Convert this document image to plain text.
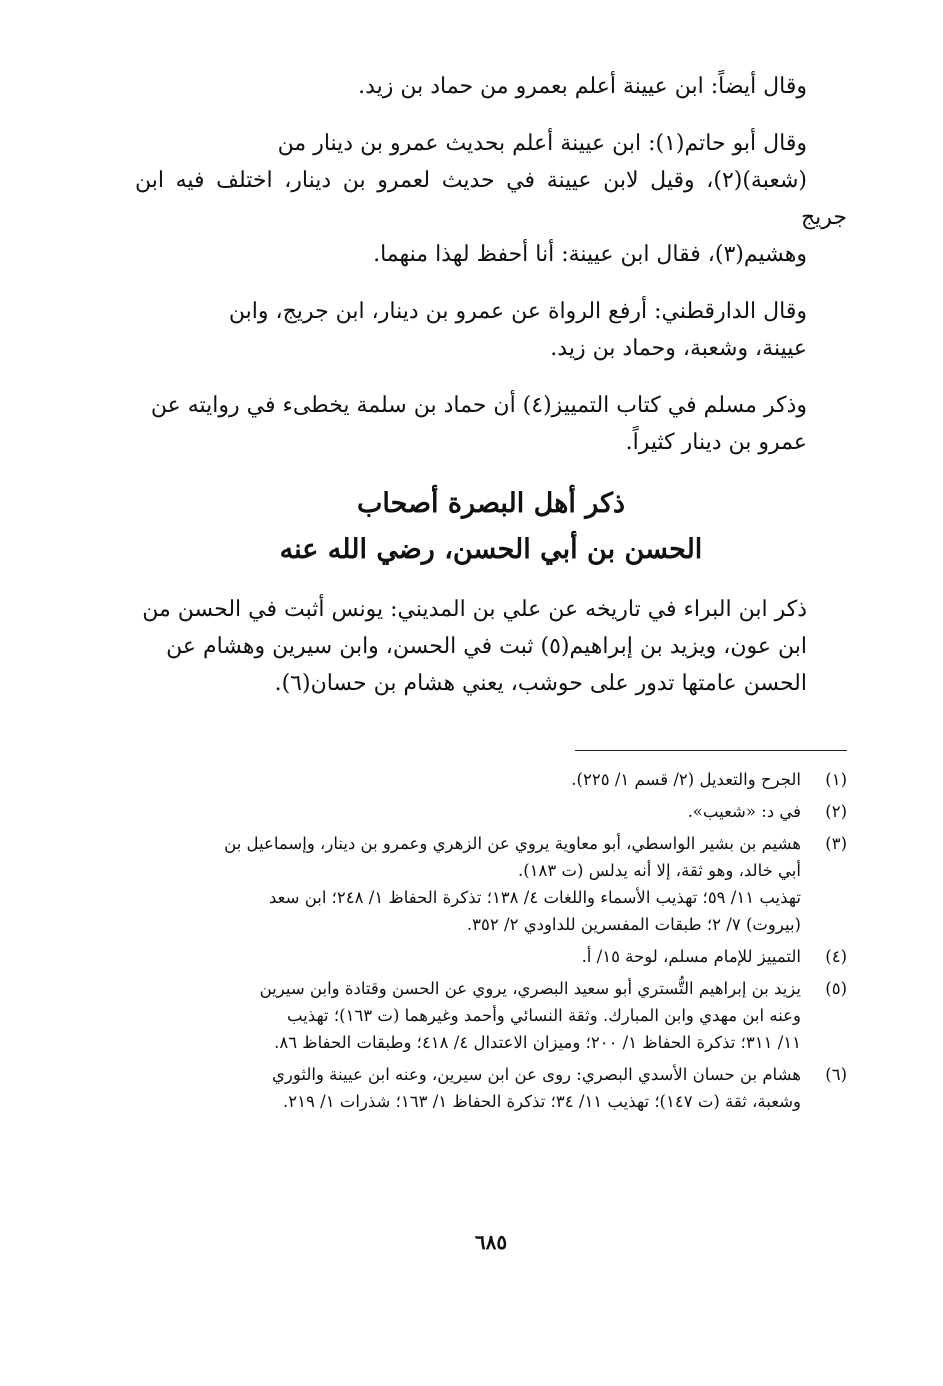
وقال أيضاً: ابن عيينة أعلم بعمرو من حماد بن زيد.

وقال أبو حاتم(١): ابن عيينة أعلم بحديث عمرو بن دينار من
(شعبة)(٢)، وقيل لابن عيينة في حديث لعمرو بن دينار، اختلف فيه ابن جريج
وهشيم(٣)، فقال ابن عيينة: أنا أحفظ لهذا منهما.

وقال الدارقطني: أرفع الرواة عن عمرو بن دينار، ابن جريج، وابن
عيينة، وشعبة، وحماد بن زيد.

وذكر مسلم في كتاب التمييز(٤) أن حماد بن سلمة يخطىء في روايته عن
عمرو بن دينار كثيراً.

ذكر أهل البصرة أصحاب

الحسن بن أبي الحسن، رضي الله عنه

ذكر ابن البراء في تاريخه عن علي بن المديني: يونس أثبت في الحسن من
ابن عون، ويزيد بن إبراهيم(٥) ثبت في الحسن، وابن سيرين وهشام عن
الحسن عامتها تدور على حوشب، يعني هشام بن حسان(٦).

(١)
الجرح والتعديل (٢/ قسم ١/ ٢٢٥).
(٢)
في د: «شعيب».
(٣)
هشيم بن بشير الواسطي، أبو معاوية يروي عن الزهري وعمرو بن دينار، وإسماعيل بن
أبي خالد، وهو ثقة، إلا أنه يدلس (ت ١٨٣).
تهذيب ١١/ ٥٩؛ تهذيب الأسماء واللغات ٤/ ١٣٨؛ تذكرة الحفاظ ١/ ٢٤٨؛ ابن سعد
(بيروت) ٧/ ٢؛ طبقات المفسرين للداودي ٢/ ٣٥٢.
(٤)
التمييز للإمام مسلم، لوحة ١٥/ أ.
(٥)
يزيد بن إبراهيم التُّستري أبو سعيد البصري، يروي عن الحسن وقتادة وابن سيرين
وعنه ابن مهدي وابن المبارك. وثقة النسائي وأحمد وغيرهما (ت ١٦٣)؛ تهذيب
١١/ ٣١١؛ تذكرة الحفاظ ١/ ٢٠٠؛ وميزان الاعتدال ٤/ ٤١٨؛ وطبقات الحفاظ ٨٦.
(٦)
هشام بن حسان الأسدي البصري: روى عن ابن سيرين، وعنه ابن عيينة والثوري
وشعبة، ثقة (ت ١٤٧)؛ تهذيب ١١/ ٣٤؛ تذكرة الحفاظ ١/ ١٦٣؛ شذرات ١/ ٢١٩.
٦٨٥
